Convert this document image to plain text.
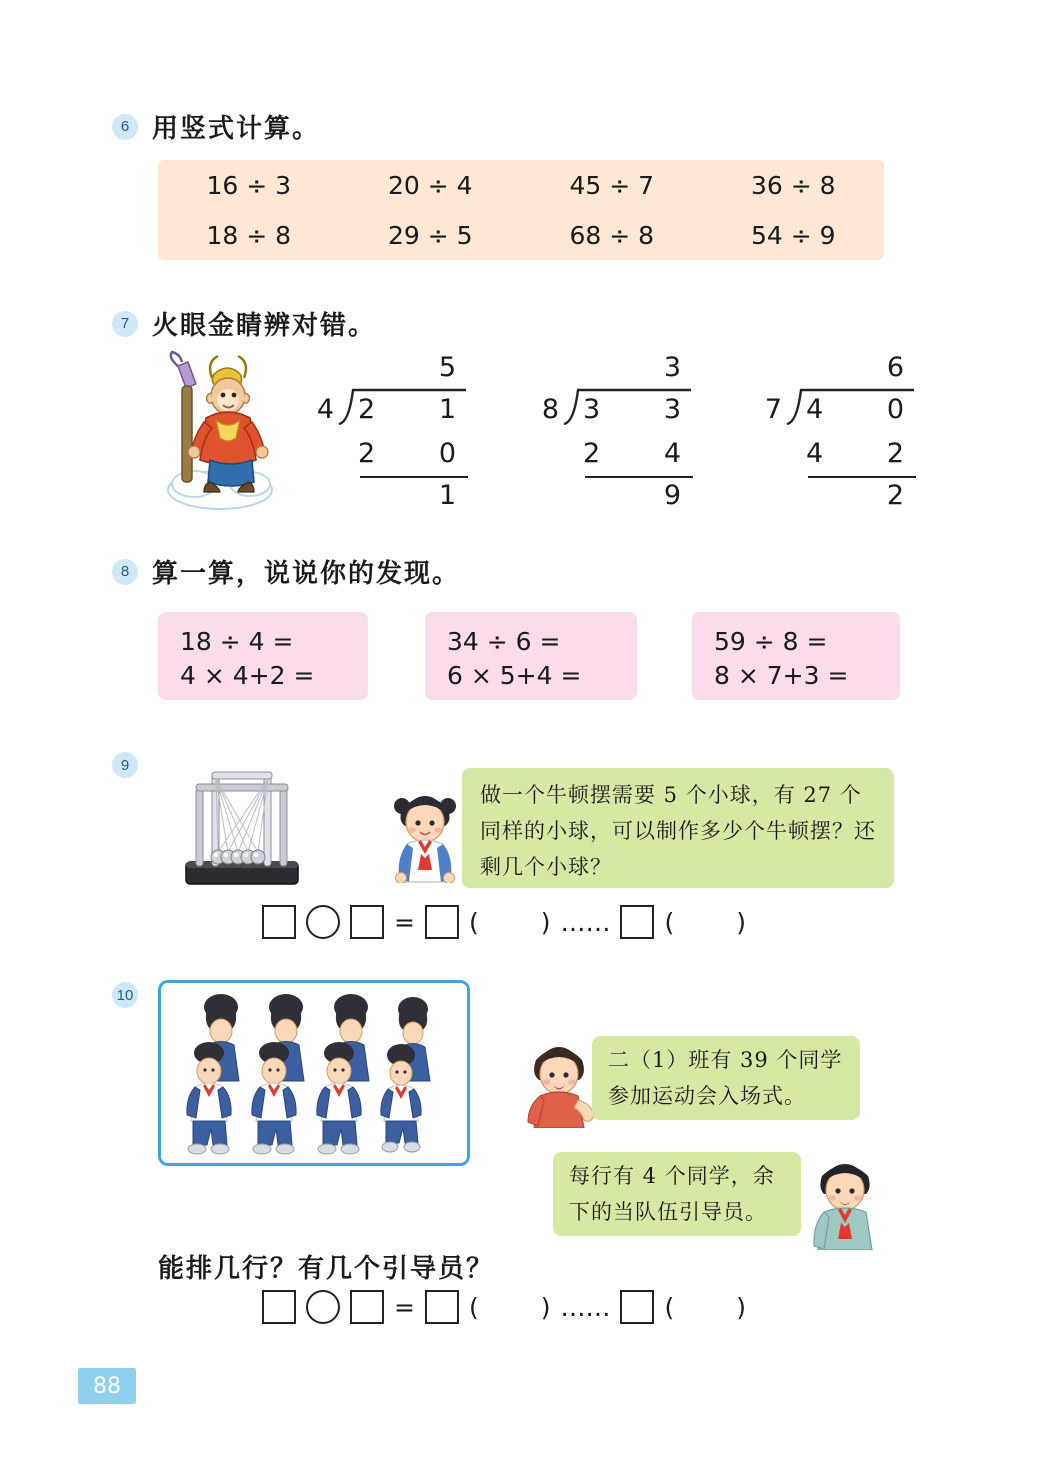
6 用竖式计算。
16 ÷ 3	20 ÷ 4	45 ÷ 7	36 ÷ 8
18 ÷ 8	29 ÷ 5	68 ÷ 8	54 ÷ 9
7 火眼金睛辨对错。
5
4 2 1
2 0
1
3
8 3 3
2 4
9
6
7 4 0
4 2
2
8 算一算，说说你的发现。
18 ÷ 4 =
4 × 4+2 =
34 ÷ 6 =
6 × 5+4 =
59 ÷ 8 =
8 × 7+3 =
9
做一个牛顿摆需要 5 个小球，有 27 个同样的小球，可以制作多少个牛顿摆？还剩几个小球？
= ( ) …… ( )
10
二（1）班有 39 个同学参加运动会入场式。
每行有 4 个同学，余下的当队伍引导员。
能排几行？有几个引导员？
= ( ) …… ( )
88
